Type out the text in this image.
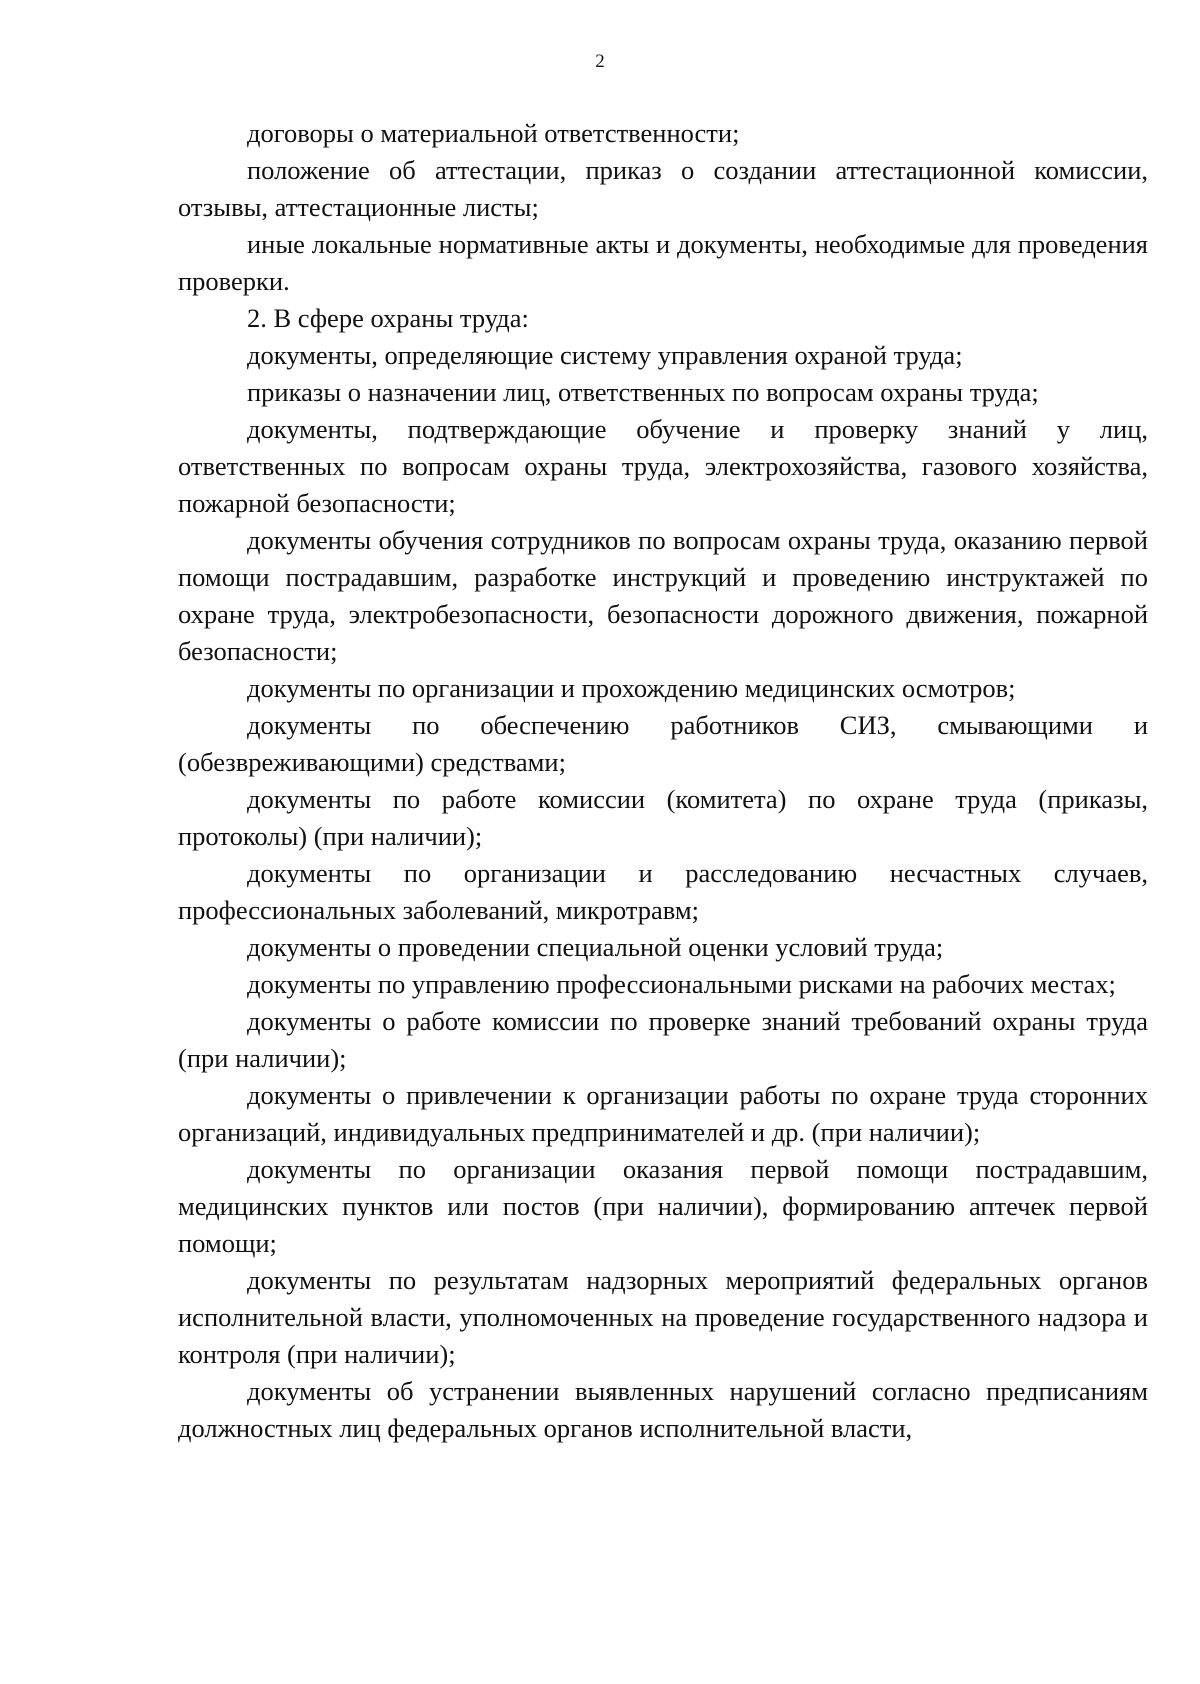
2

договоры о материальной ответственности;

положение об аттестации, приказ о создании аттестационной комиссии, отзывы, аттестационные листы;

иные локальные нормативные акты и документы, необходимые для проведения проверки.

2. В сфере охраны труда:

документы, определяющие систему управления охраной труда;

приказы о назначении лиц, ответственных по вопросам охраны труда;

документы, подтверждающие обучение и проверку знаний у лиц, ответственных по вопросам охраны труда, электрохозяйства, газового хозяйства, пожарной безопасности;

документы обучения сотрудников по вопросам охраны труда, оказанию первой помощи пострадавшим, разработке инструкций и проведению инструктажей по охране труда, электробезопасности, безопасности дорожного движения, пожарной безопасности;

документы по организации и прохождению медицинских осмотров;

документы по обеспечению работников СИЗ, смывающими и (обезвреживающими) средствами;

документы по работе комиссии (комитета) по охране труда (приказы, протоколы) (при наличии);

документы по организации и расследованию несчастных случаев, профессиональных заболеваний, микротравм;

документы о проведении специальной оценки условий труда;

документы по управлению профессиональными рисками на рабочих местах;

документы о работе комиссии по проверке знаний требований охраны труда (при наличии);

документы о привлечении к организации работы по охране труда сторонних организаций, индивидуальных предпринимателей и др. (при наличии);

документы по организации оказания первой помощи пострадавшим, медицинских пунктов или постов (при наличии), формированию аптечек первой помощи;

документы по результатам надзорных мероприятий федеральных органов исполнительной власти, уполномоченных на проведение государственного надзора и контроля (при наличии);

документы об устранении выявленных нарушений согласно предписаниям должностных лиц федеральных органов исполнительной власти,
